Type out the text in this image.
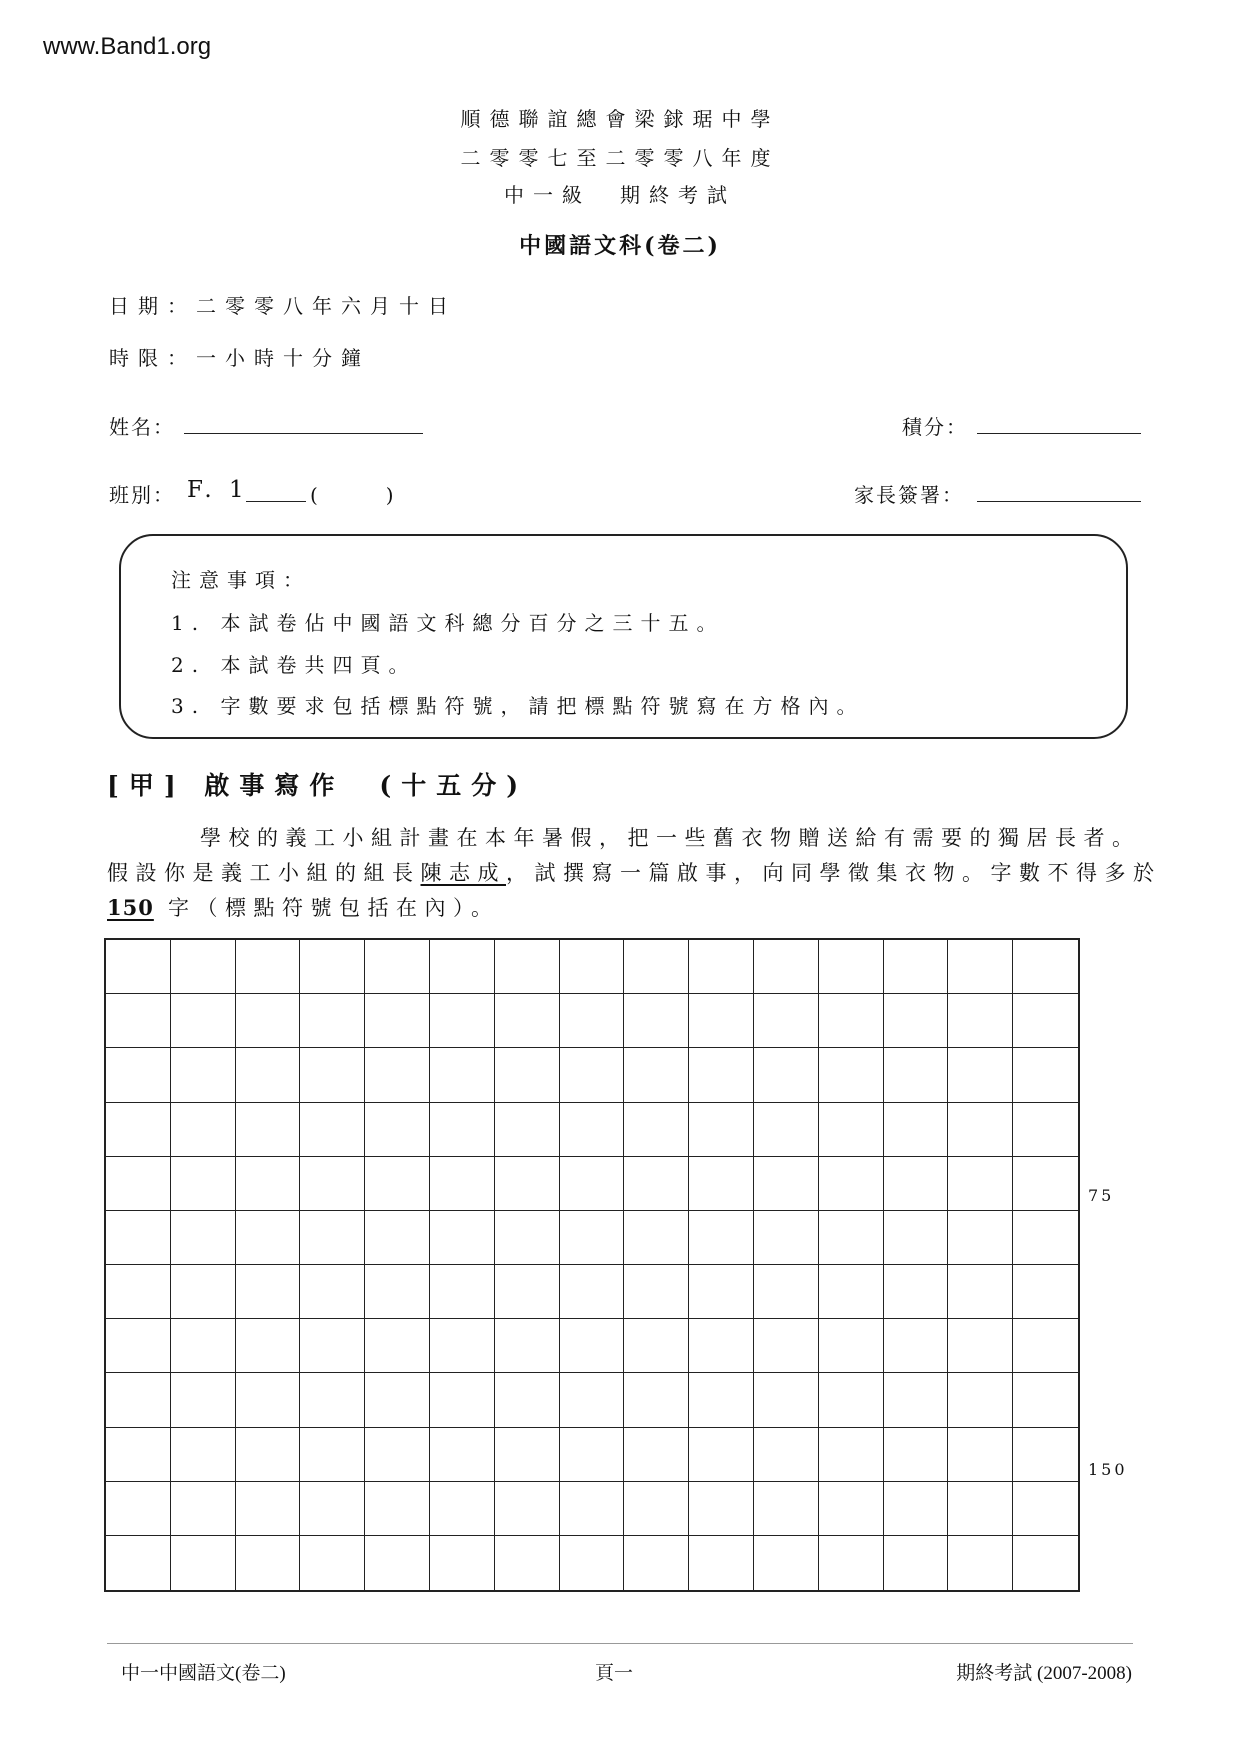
www.Band1.org
順德聯誼總會梁銶琚中學
二零零七至二零零八年度
中一級　期終考試
中國語文科(卷二)
日期：二零零八年六月十日
時限：一小時十分鐘
姓名：	積分：
班別： F. 1	(　　　)	家長簽署：
注意事項：
1. 本試卷佔中國語文科總分百分之三十五。
2. 本試卷共四頁。
3. 字數要求包括標點符號，請把標點符號寫在方格內。
[甲] 啟事寫作　(十五分)
學校的義工小組計畫在本年暑假，把一些舊衣物贈送給有需要的獨居長者。
假設你是義工小組的組長陳志成，試撰寫一篇啟事，向同學徵集衣物。字數不得多於
150 字（標點符號包括在內）。
75
150
中一中國語文(卷二)	頁一	期終考試 (2007-2008)
